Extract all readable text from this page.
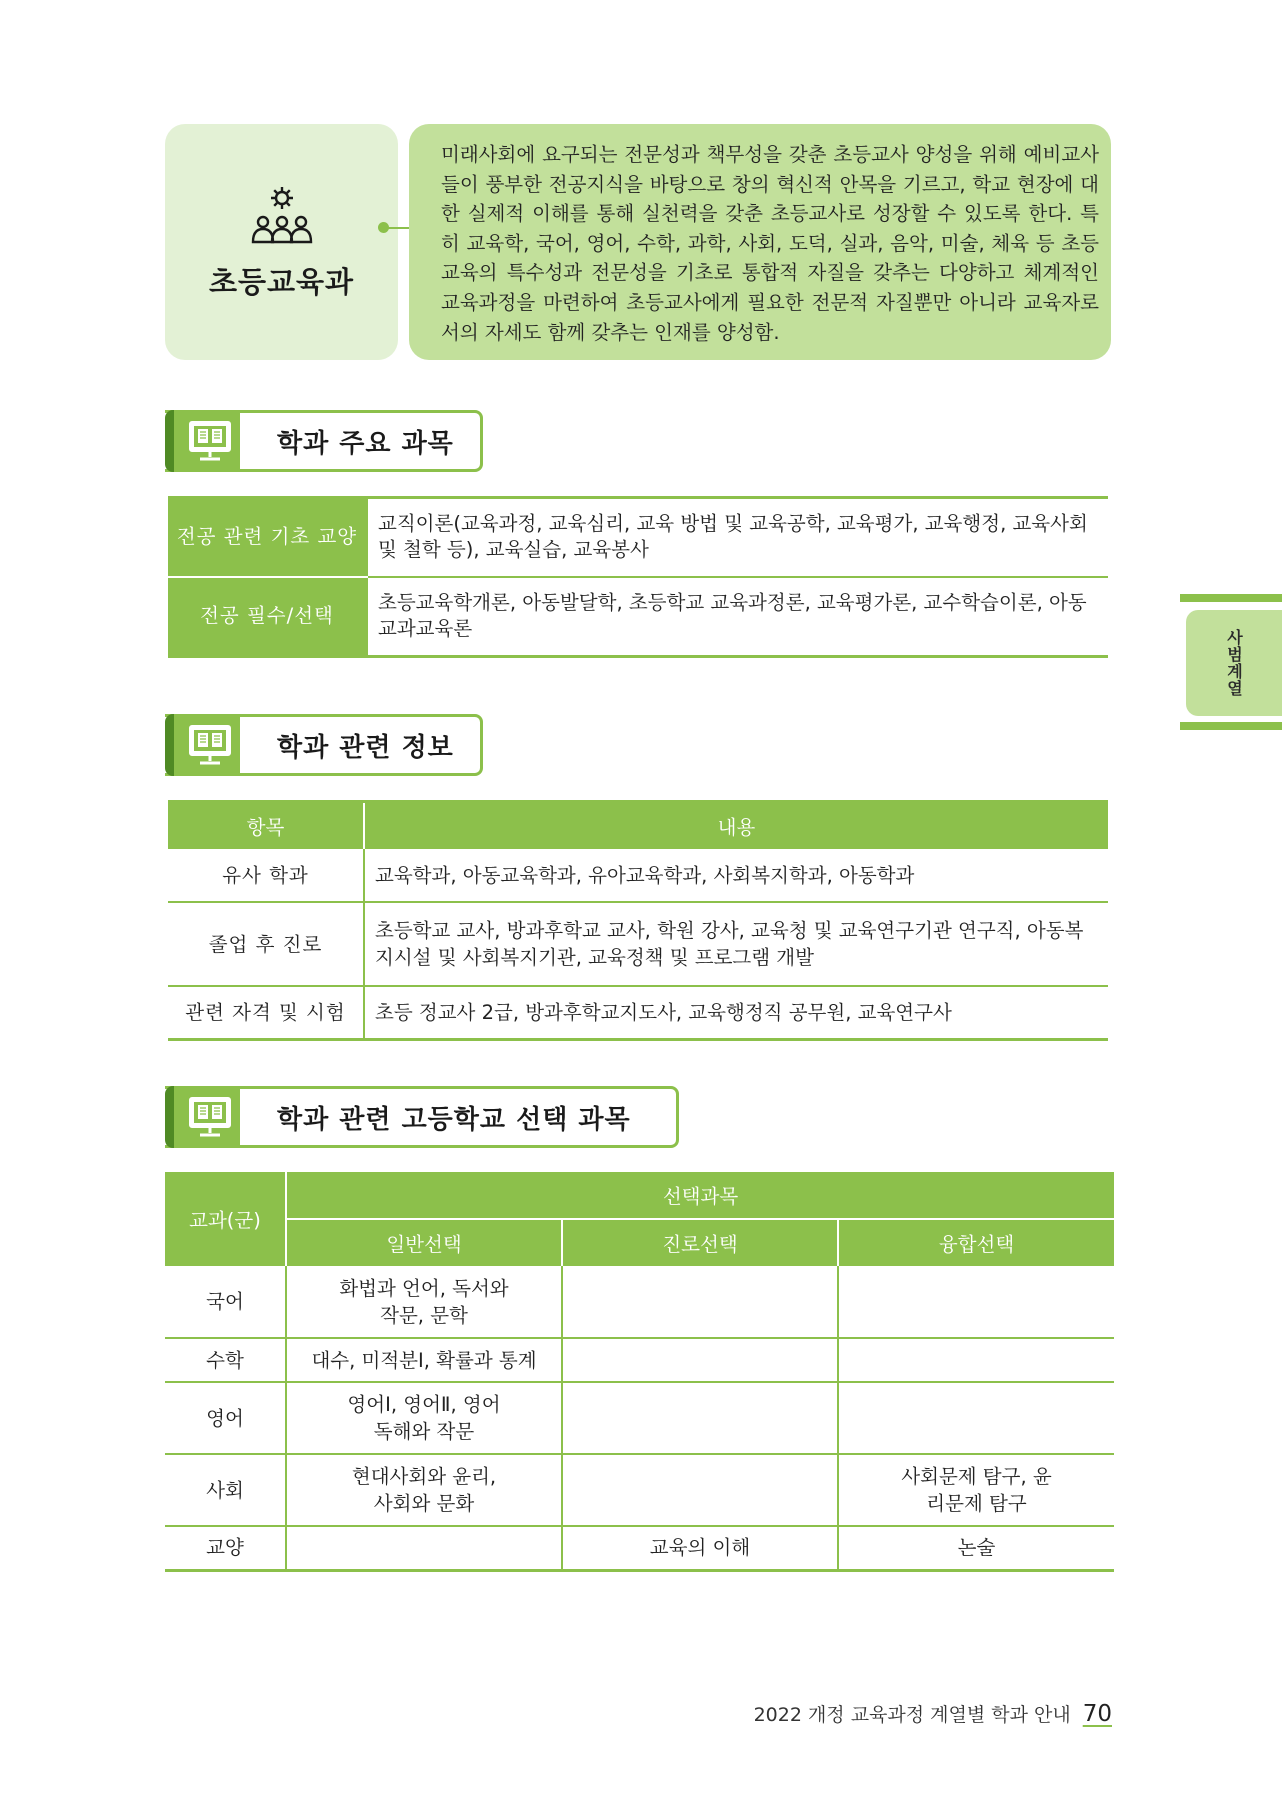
초등교육과
미래사회에 요구되는 전문성과 책무성을 갖춘 초등교사 양성을 위해 예비교사들이 풍부한 전공지식을 바탕으로 창의 혁신적 안목을 기르고, 학교 현장에 대한 실제적 이해를 통해 실천력을 갖춘 초등교사로 성장할 수 있도록 한다. 특히 교육학, 국어, 영어, 수학, 과학, 사회, 도덕, 실과, 음악, 미술, 체육 등 초등교육의 특수성과 전문성을 기초로 통합적 자질을 갖추는 다양하고 체계적인 교육과정을 마련하여 초등교사에게 필요한 전문적 자질뿐만 아니라 교육자로서의 자세도 함께 갖추는 인재를 양성함.
학과 주요 과목
전공 관련 기초 교양	교직이론(교육과정, 교육심리, 교육 방법 및 교육공학, 교육평가, 교육행정, 교육사회 및 철학 등), 교육실습, 교육봉사
전공 필수/선택	초등교육학개론, 아동발달학, 초등학교 교육과정론, 교육평가론, 교수학습이론, 아동교과교육론
학과 관련 정보
항목	내용
유사 학과	교육학과, 아동교육학과, 유아교육학과, 사회복지학과, 아동학과
졸업 후 진로	초등학교 교사, 방과후학교 교사, 학원 강사, 교육청 및 교육연구기관 연구직, 아동복지시설 및 사회복지기관, 교육정책 및 프로그램 개발
관련 자격 및 시험	초등 정교사 2급, 방과후학교지도사, 교육행정직 공무원, 교육연구사
학과 관련 고등학교 선택 과목
교과(군)	선택과목		
	일반선택	진로선택	융합선택
국어	화법과 언어, 독서와 작문, 문학		
수학	대수, 미적분Ⅰ, 확률과 통계		
영어	영어Ⅰ, 영어Ⅱ, 영어 독해와 작문		
사회	현대사회와 윤리, 사회와 문화		사회문제 탐구, 윤리문제 탐구
교양		교육의 이해	논술
사범계열
2022 개정 교육과정 계열별 학과 안내 70
